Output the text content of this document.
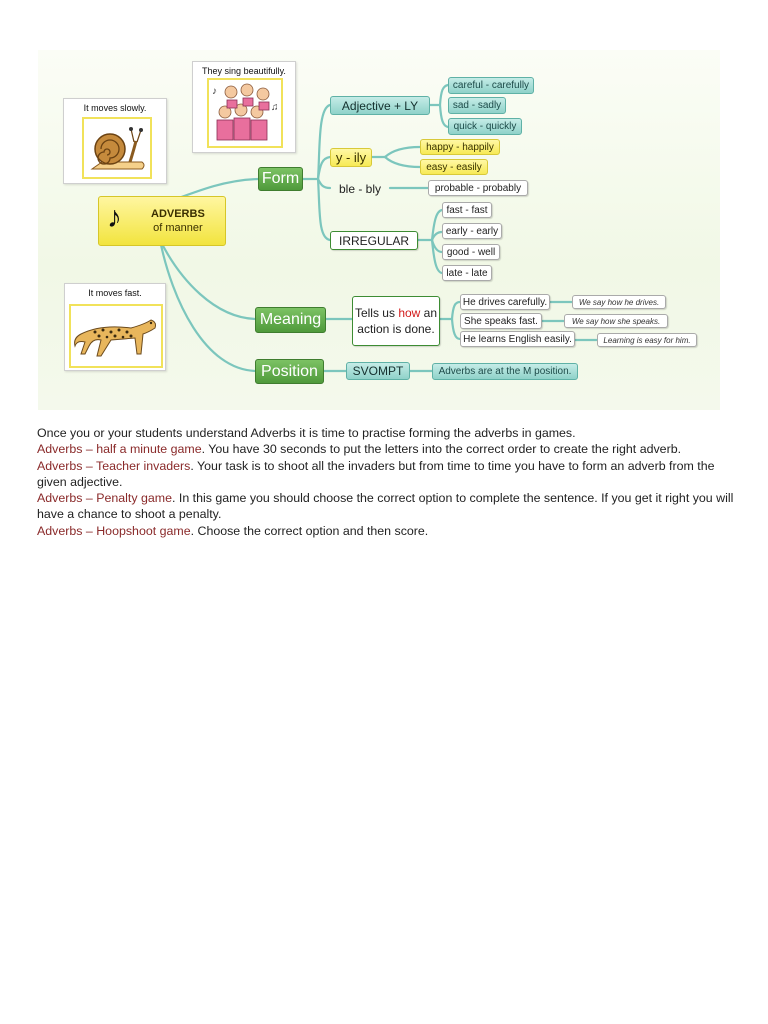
It moves slowly.
They sing beautifully.
♪
♫
It moves fast.
♪	ADVERBS
of manner
Form
Meaning
Position
Adjective + LY
careful - carefully
sad - sadly
quick - quickly
y - ily
happy - happily
easy - easily
ble - bly	probable - probably
IRREGULAR
fast - fast
early - early
good - well
late - late
Tells us how an action is done.
He drives carefully.
She speaks fast.
He learns English easily.
We say how he drives.
We say how she speaks.
Learning is easy for him.
SVOMPT	Adverbs are at the M position.

Once you or your students understand Adverbs it is time to practise forming the adverbs in games.

Adverbs – half a minute game. You have 30 seconds to put the letters into the correct order to create the right adverb.

Adverbs – Teacher invaders. Your task is to shoot all the invaders but from time to time you have to form an adverb from the given adjective.

Adverbs – Penalty game. In this game you should choose the correct option to complete the sentence. If you get it right you will have a chance to shoot a penalty.

Adverbs – Hoopshoot game. Choose the correct option and then score.
